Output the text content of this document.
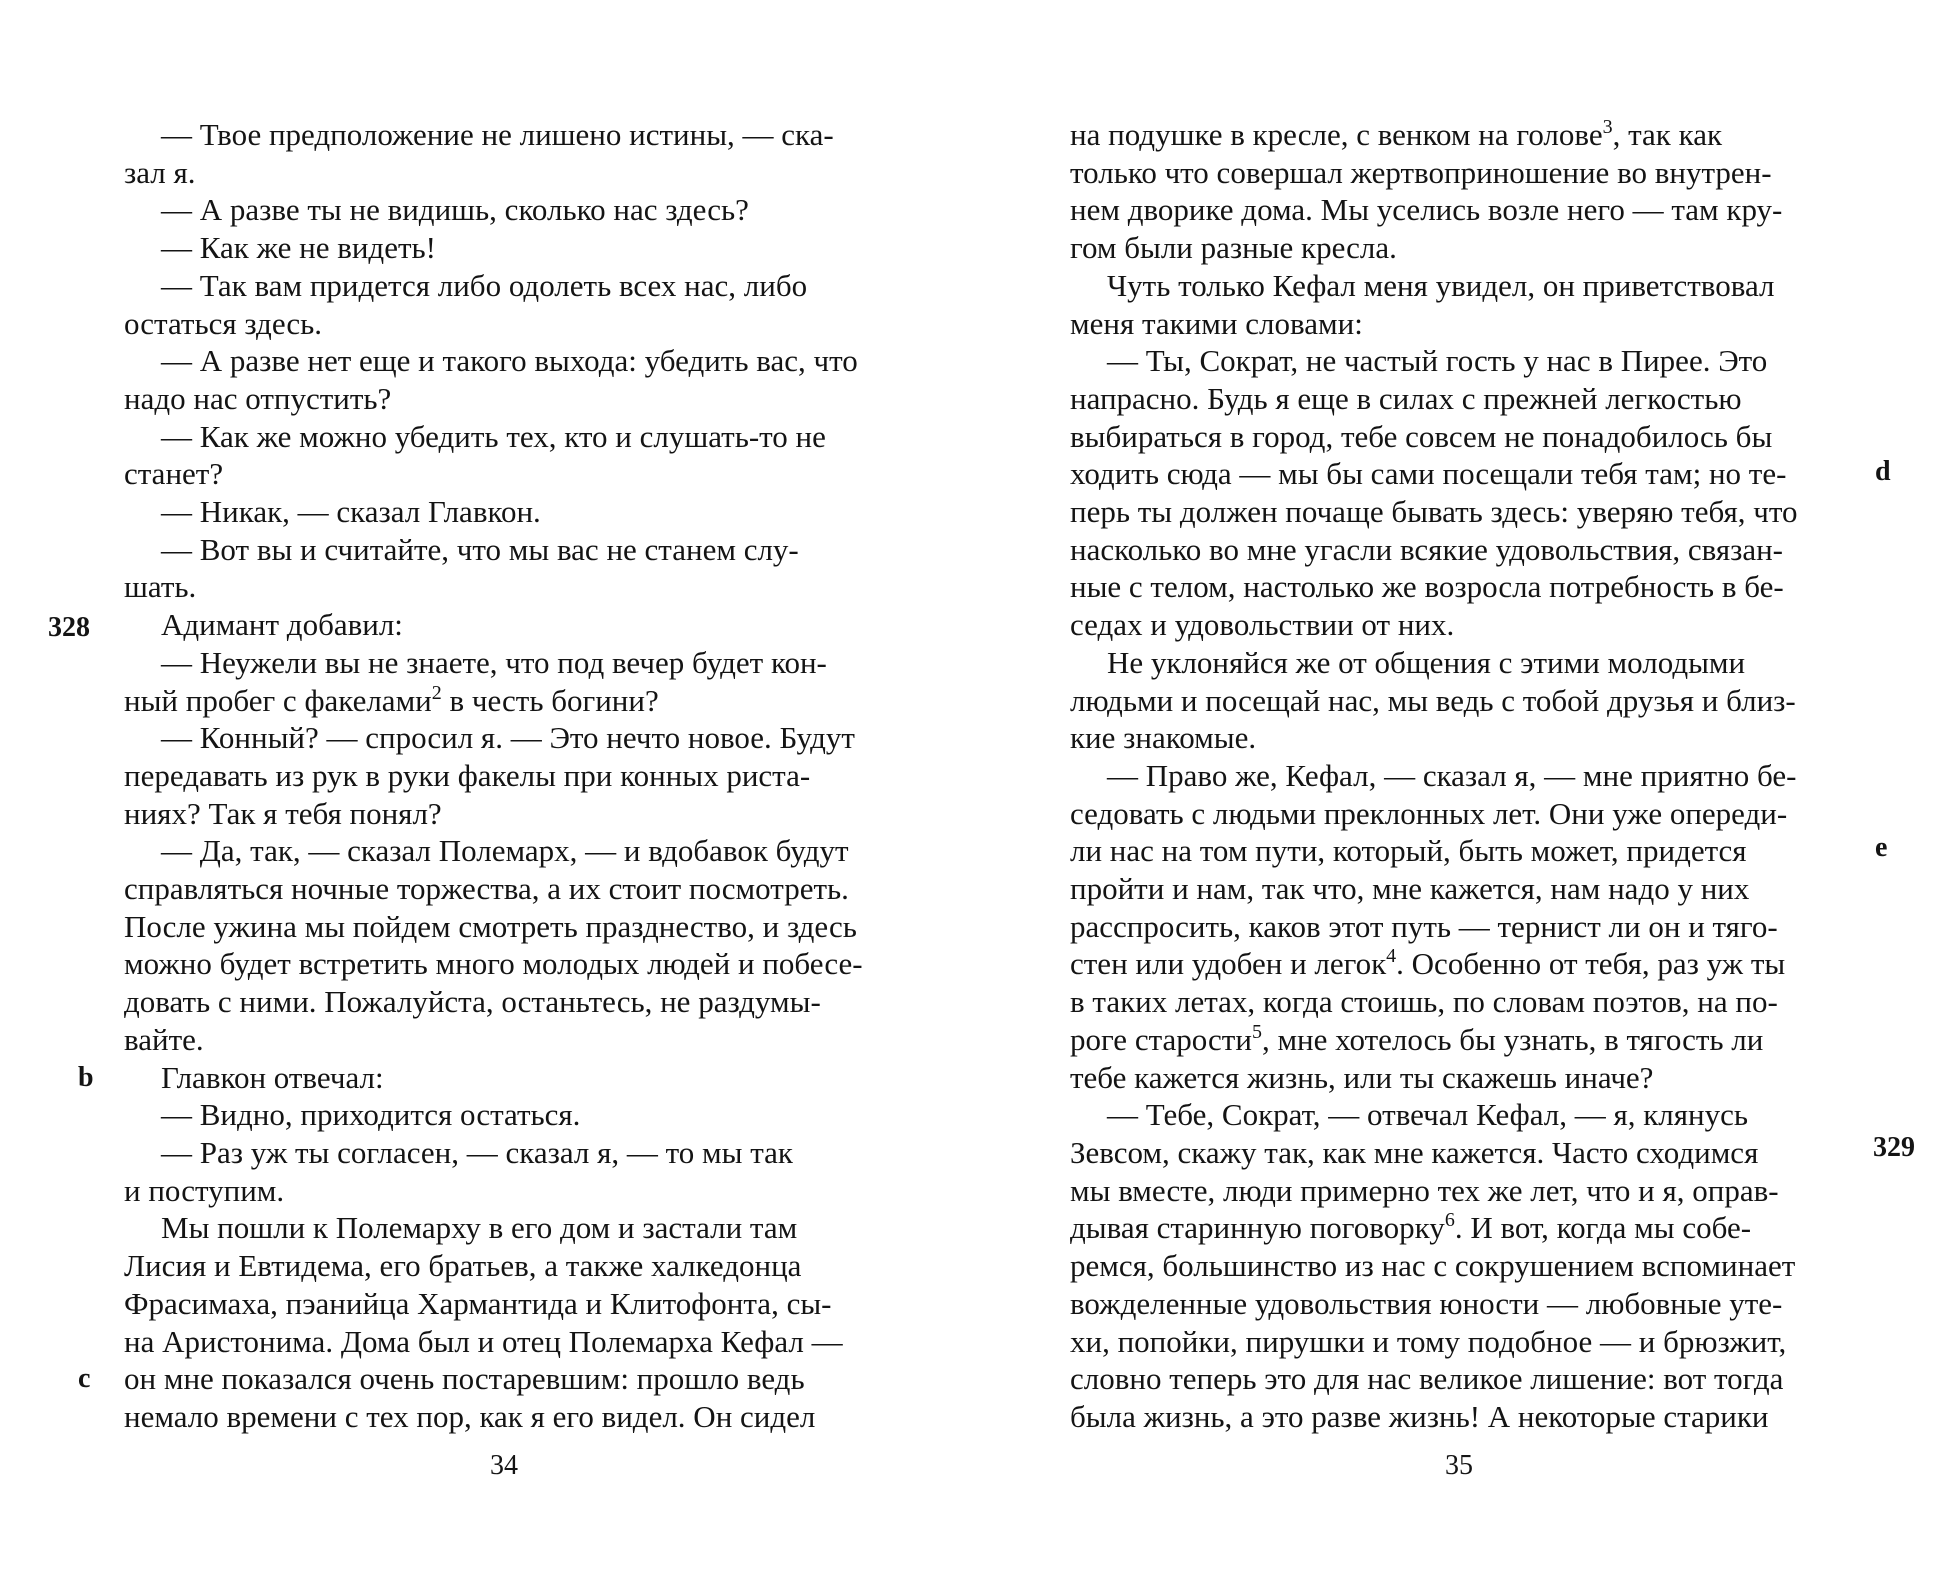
— Твое предположение не лишено истины, — ска-
зал я.

— А разве ты не видишь, сколько нас здесь?

— Как же не видеть!

— Так вам придется либо одолеть всех нас, либо
остаться здесь.

— А разве нет еще и такого выхода: убедить вас, что
надо нас отпустить?

— Как же можно убедить тех, кто и слушать-то не
станет?

— Никак, — сказал Главкон.

— Вот вы и считайте, что мы вас не станем слу-
шать.

Адимант добавил:

— Неужели вы не знаете, что под вечер будет кон-
ный пробег с факелами$^2$ в честь богини?

— Конный? — спросил я. — Это нечто новое. Будут
передавать из рук в руки факелы при конных риста-
ниях? Так я тебя понял?

— Да, так, — сказал Полемарх, — и вдобавок будут
справляться ночные торжества, а их стоит посмотреть.
После ужина мы пойдем смотреть празднество, и здесь
можно будет встретить много молодых людей и побесе-
довать с ними. Пожалуйста, останьтесь, не раздумы-
вайте.

Главкон отвечал:

— Видно, приходится остаться.

— Раз уж ты согласен, — сказал я, — то мы так
и поступим.

Мы пошли к Полемарху в его дом и застали там
Лисия и Евтидема, его братьев, а также халкедонца
Фрасимаха, пэанийца Хармантида и Клитофонта, сы-
на Аристонима. Дома был и отец Полемарха Кефал —
он мне показался очень постаревшим: прошло ведь
немало времени с тех пор, как я его видел. Он сидел

328
b
c
34

на подушке в кресле, с венком на голове$^3$, так как
только что совершал жертвоприношение во внутрен-
нем дворике дома. Мы уселись возле него — там кру-
гом были разные кресла.

Чуть только Кефал меня увидел, он приветствовал
меня такими словами:

— Ты, Сократ, не частый гость у нас в Пирее. Это
напрасно. Будь я еще в силах с прежней легкостью
выбираться в город, тебе совсем не понадобилось бы
ходить сюда — мы бы сами посещали тебя там; но те-
перь ты должен почаще бывать здесь: уверяю тебя, что
насколько во мне угасли всякие удовольствия, связан-
ные с телом, настолько же возросла потребность в бе-
седах и удовольствии от них.

Не уклоняйся же от общения с этими молодыми
людьми и посещай нас, мы ведь с тобой друзья и близ-
кие знакомые.

— Право же, Кефал, — сказал я, — мне приятно бе-
седовать с людьми преклонных лет. Они уже опереди-
ли нас на том пути, который, быть может, придется
пройти и нам, так что, мне кажется, нам надо у них
расспросить, каков этот путь — тернист ли он и тяго-
стен или удобен и легок$^4$. Особенно от тебя, раз уж ты
в таких летах, когда стоишь, по словам поэтов, на по-
роге старости$^5$, мне хотелось бы узнать, в тягость ли
тебе кажется жизнь, или ты скажешь иначе?

— Тебе, Сократ, — отвечал Кефал, — я, клянусь
Зевсом, скажу так, как мне кажется. Часто сходимся
мы вместе, люди примерно тех же лет, что и я, оправ-
дывая старинную поговорку$^6$. И вот, когда мы собе-
ремся, большинство из нас с сокрушением вспоминает
вожделенные удовольствия юности — любовные уте-
хи, попойки, пирушки и тому подобное — и брюзжит,
словно теперь это для нас великое лишение: вот тогда
была жизнь, а это разве жизнь! А некоторые старики

d
e
329
35
